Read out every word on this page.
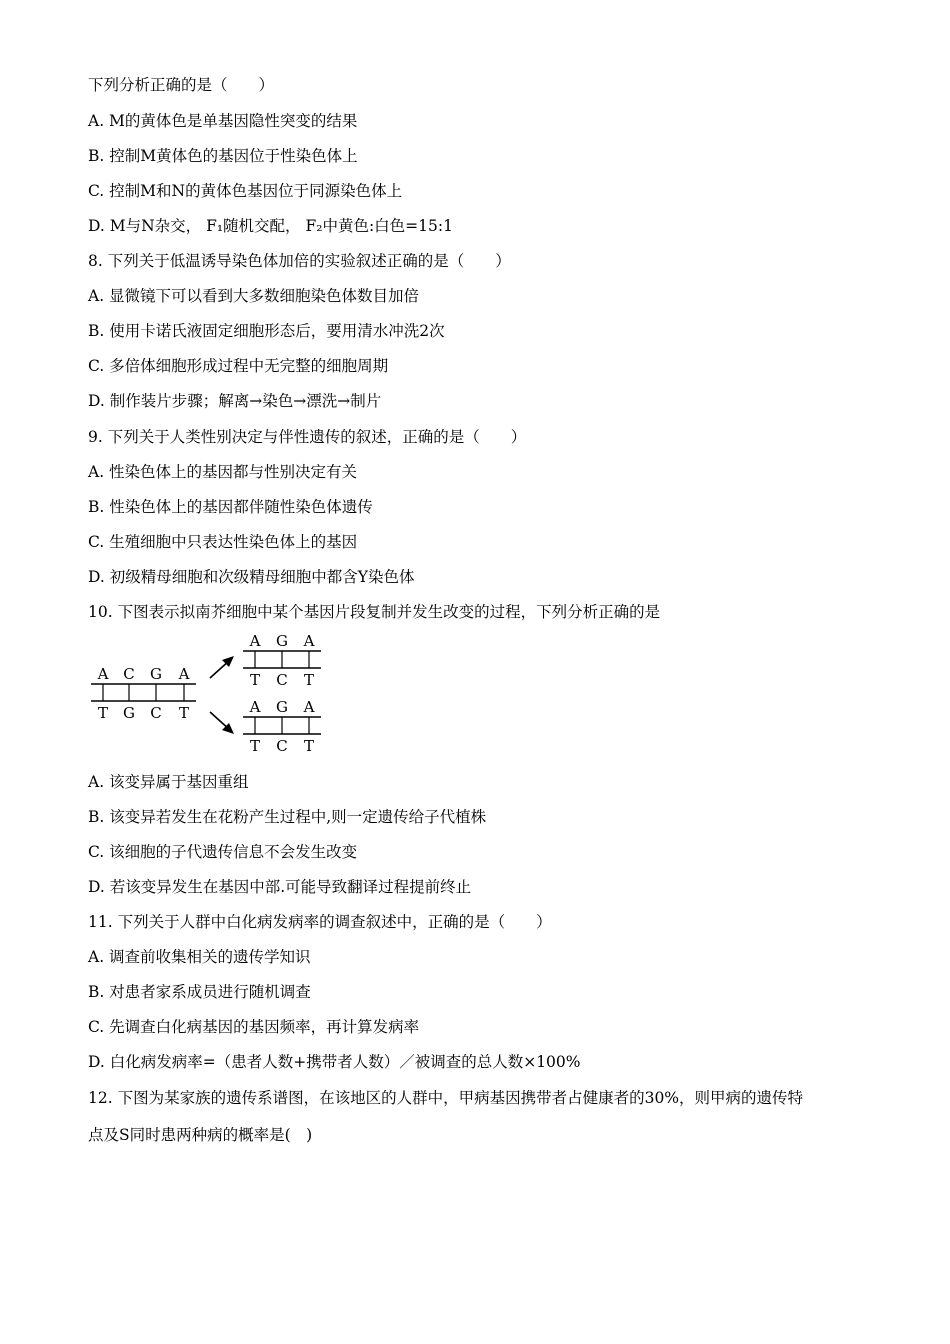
下列分析正确的是（　　）
A. M的黄体色是单基因隐性突变的结果
B. 控制M黄体色的基因位于性染色体上
C. 控制M和N的黄体色基因位于同源染色体上
D. M与N杂交， F₁随机交配， F₂中黄色:白色=15:1
8. 下列关于低温诱导染色体加倍的实验叙述正确的是（　　）
A. 显微镜下可以看到大多数细胞染色体数目加倍
B. 使用卡诺氏液固定细胞形态后，要用清水冲洗2次
C. 多倍体细胞形成过程中无完整的细胞周期
D. 制作装片步骤；解离→染色→漂洗→制片
9. 下列关于人类性别决定与伴性遗传的叙述，正确的是（　　）
A. 性染色体上的基因都与性别决定有关
B. 性染色体上的基因都伴随性染色体遗传
C. 生殖细胞中只表达性染色体上的基因
D. 初级精母细胞和次级精母细胞中都含Y染色体
10. 下图表示拟南芥细胞中某个基因片段复制并发生改变的过程，下列分析正确的是
A C G A
T G C T
A G A
T C T
A G A
T C T
A. 该变异属于基因重组
B. 该变异若发生在花粉产生过程中,则一定遗传给子代植株
C. 该细胞的子代遗传信息不会发生改变
D. 若该变异发生在基因中部.可能导致翻译过程提前终止
11. 下列关于人群中白化病发病率的调查叙述中，正确的是（　　）
A. 调查前收集相关的遗传学知识
B. 对患者家系成员进行随机调查
C. 先调查白化病基因的基因频率，再计算发病率
D. 白化病发病率=（患者人数+携带者人数）／被调查的总人数×100%
12. 下图为某家族的遗传系谱图，在该地区的人群中，甲病基因携带者占健康者的30%，则甲病的遗传特
点及S同时患两种病的概率是(　)
